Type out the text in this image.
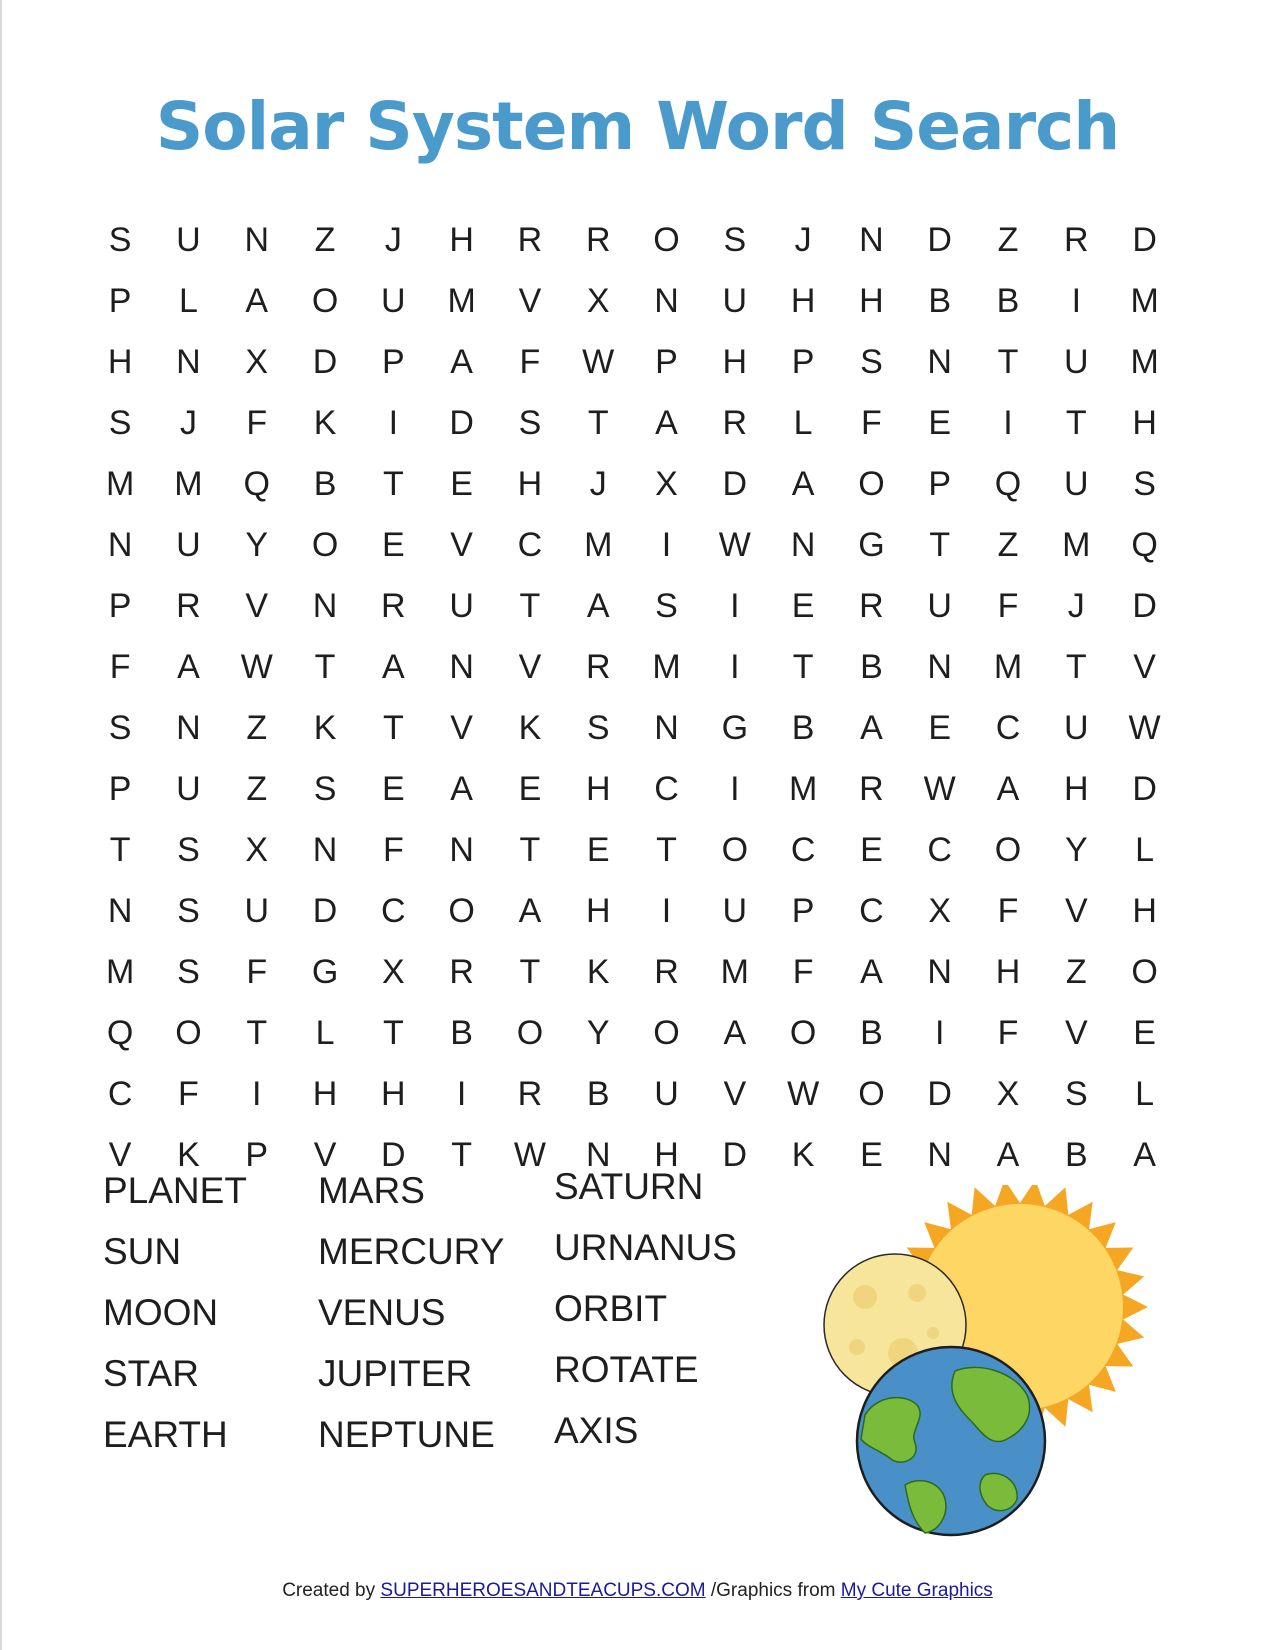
Solar System Word Search
S	U	N	Z	J	H	R	R	O	S	J	N	D	Z	R	D
P	L	A	O	U	M	V	X	N	U	H	H	B	B	I	M
H	N	X	D	P	A	F	W	P	H	P	S	N	T	U	M
S	J	F	K	I	D	S	T	A	R	L	F	E	I	T	H
M	M	Q	B	T	E	H	J	X	D	A	O	P	Q	U	S
N	U	Y	O	E	V	C	M	I	W	N	G	T	Z	M	Q
P	R	V	N	R	U	T	A	S	I	E	R	U	F	J	D
F	A	W	T	A	N	V	R	M	I	T	B	N	M	T	V
S	N	Z	K	T	V	K	S	N	G	B	A	E	C	U	W
P	U	Z	S	E	A	E	H	C	I	M	R	W	A	H	D
T	S	X	N	F	N	T	E	T	O	C	E	C	O	Y	L
N	S	U	D	C	O	A	H	I	U	P	C	X	F	V	H
M	S	F	G	X	R	T	K	R	M	F	A	N	H	Z	O
Q	O	T	L	T	B	O	Y	O	A	O	B	I	F	V	E
C	F	I	H	H	I	R	B	U	V	W	O	D	X	S	L
V	K	P	V	D	T	W	N	H	D	K	E	N	A	B	A
PLANET
SUN
MOON
STAR
EARTH
MARS
MERCURY
VENUS
JUPITER
NEPTUNE
SATURN
URNANUS
ORBIT
ROTATE
AXIS
Created by SUPERHEROESANDTEACUPS.COM /Graphics from My Cute Graphics
